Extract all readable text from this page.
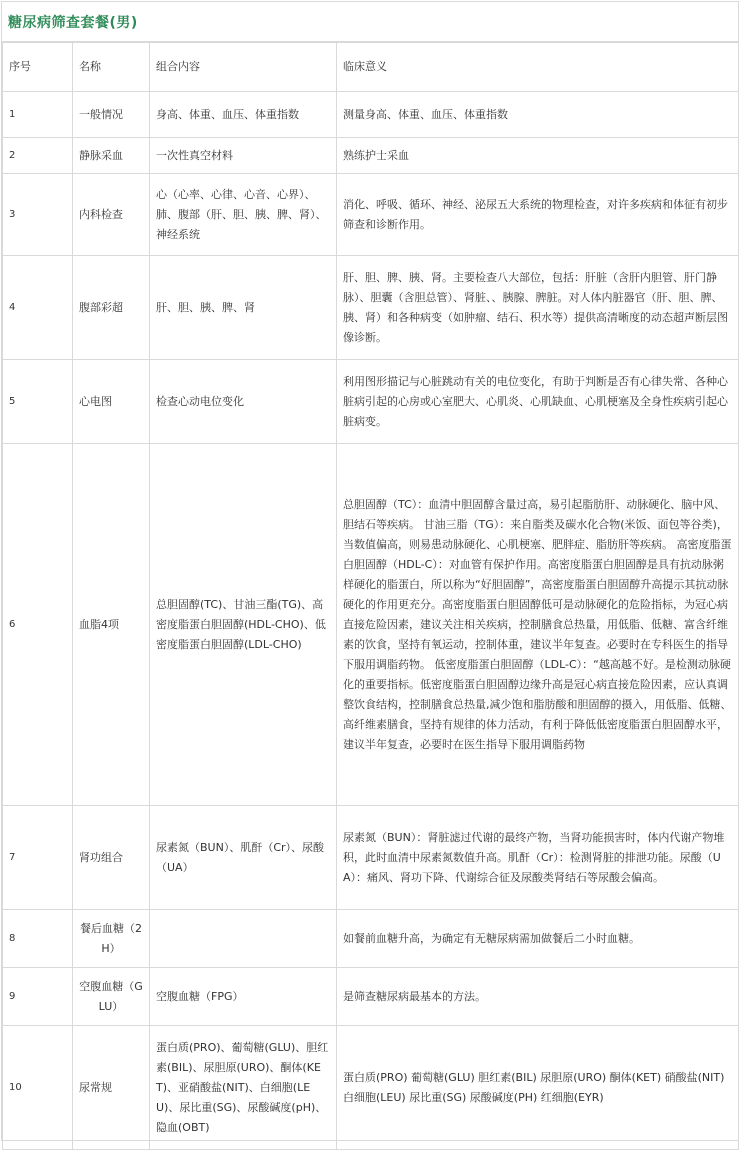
糖尿病筛查套餐(男)
序号	名称	组合内容	临床意义
1	一般情况	身高、体重、血压、体重指数	测量身高、体重、血压、体重指数
2	静脉采血	一次性真空材料	熟练护士采血
3	内科检查	心（心率、心律、心音、心界）、肺、腹部（肝、胆、胰、脾、肾）、神经系统	消化、呼吸、循环、神经、泌尿五大系统的物理检查，对许多疾病和体征有初步筛查和诊断作用。
4	腹部彩超	肝、胆、胰、脾、肾	肝、胆、脾、胰、肾。主要检查八大部位，包括：肝脏（含肝内胆管、肝门静脉）、胆囊（含胆总管）、肾脏、、胰腺、脾脏。对人体内脏器官（肝、胆、脾、胰、肾）和各种病变（如肿瘤、结石、积水等）提供高清晰度的动态超声断层图像诊断。
5	心电图	检查心动电位变化	利用图形描记与心脏跳动有关的电位变化，有助于判断是否有心律失常、各种心脏病引起的心房或心室肥大、心肌炎、心肌缺血、心肌梗塞及全身性疾病引起心脏病变。
6	血脂4项	总胆固醇(TC)、甘油三酯(TG)、高密度脂蛋白胆固醇(HDL-CHO)、低密度脂蛋白胆固醇(LDL-CHO)	总胆固醇（TC）：血清中胆固醇含量过高，易引起脂肪肝、动脉硬化、脑中风、胆结石等疾病。 甘油三脂（TG）：来自脂类及碳水化合物(米饭、面包等谷类)，当数值偏高，则易患动脉硬化、心肌梗塞、肥胖症、脂肪肝等疾病。 高密度脂蛋白胆固醇（HDL-C）：对血管有保护作用。高密度脂蛋白胆固醇是具有抗动脉粥样硬化的脂蛋白，所以称为“好胆固醇”，高密度脂蛋白胆固醇升高提示其抗动脉硬化的作用更充分。高密度脂蛋白胆固醇低可是动脉硬化的危险指标，为冠心病直接危险因素，建议关注相关疾病，控制膳食总热量，用低脂、低糖、富含纤维素的饮食，坚持有氧运动，控制体重，建议半年复查。必要时在专科医生的指导下服用调脂药物。 低密度脂蛋白胆固醇（LDL-C）：“越高越不好。是检测动脉硬化的重要指标。低密度脂蛋白胆固醇边缘升高是冠心病直接危险因素，应认真调整饮食结构，控制膳食总热量,减少饱和脂肪酸和胆固醇的摄入，用低脂、低糖、高纤维素膳食，坚持有规律的体力活动，有利于降低低密度脂蛋白胆固醇水平，建议半年复查，必要时在医生指导下服用调脂药物
7	肾功组合	尿素氮（BUN）、肌酐（Cr）、尿酸（UA）	尿素氮（BUN）：肾脏滤过代谢的最终产物，当肾功能损害时，体内代谢产物堆积，此时血清中尿素氮数值升高。肌酐（Cr）：检测肾脏的排泄功能。尿酸（UA）：痛风、肾功下降、代谢综合征及尿酸类肾结石等尿酸会偏高。
8	餐后血糖（2H）		如餐前血糖升高，为确定有无糖尿病需加做餐后二小时血糖。
9	空腹血糖（GLU）	空腹血糖（FPG）	是筛查糖尿病最基本的方法。
10	尿常规	蛋白质(PRO)、葡萄糖(GLU)、胆红素(BIL)、尿胆原(URO)、酮体(KET)、亚硝酸盐(NIT)、白细胞(LEU)、尿比重(SG)、尿酸碱度(pH)、隐血(OBT)	蛋白质(PRO) 葡萄糖(GLU) 胆红素(BIL) 尿胆原(URO) 酮体(KET) 硝酸盐(NIT) 白细胞(LEU) 尿比重(SG) 尿酸碱度(PH) 红细胞(EYR)
